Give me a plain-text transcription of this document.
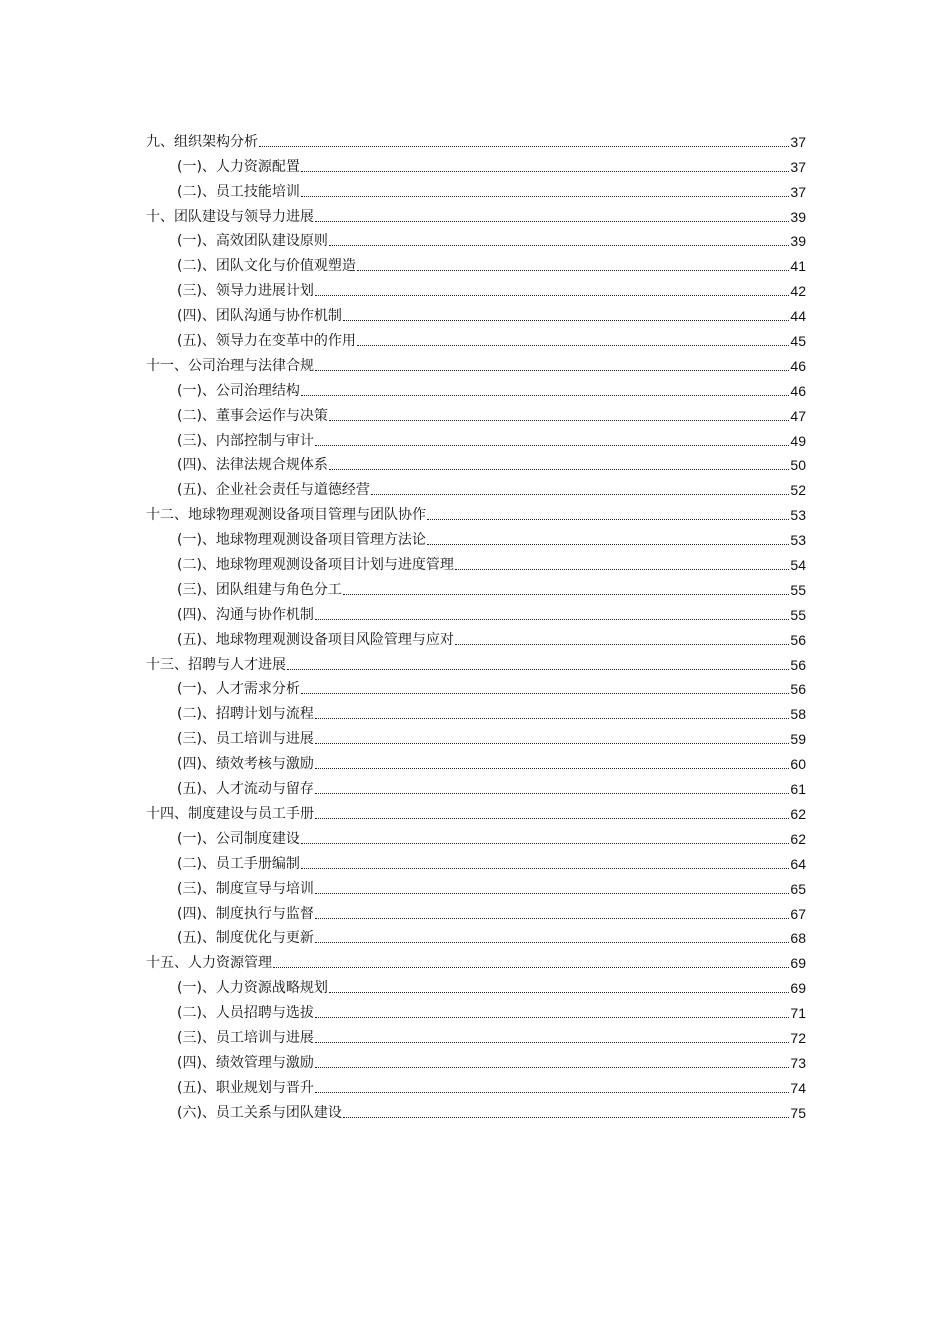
九、组织架构分析	37
(一)、人力资源配置	37
(二)、员工技能培训	37
十、团队建设与领导力进展	39
(一)、高效团队建设原则	39
(二)、团队文化与价值观塑造	41
(三)、领导力进展计划	42
(四)、团队沟通与协作机制	44
(五)、领导力在变革中的作用	45
十一、公司治理与法律合规	46
(一)、公司治理结构	46
(二)、董事会运作与决策	47
(三)、内部控制与审计	49
(四)、法律法规合规体系	50
(五)、企业社会责任与道德经营	52
十二、地球物理观测设备项目管理与团队协作	53
(一)、地球物理观测设备项目管理方法论	53
(二)、地球物理观测设备项目计划与进度管理	54
(三)、团队组建与角色分工	55
(四)、沟通与协作机制	55
(五)、地球物理观测设备项目风险管理与应对	56
十三、招聘与人才进展	56
(一)、人才需求分析	56
(二)、招聘计划与流程	58
(三)、员工培训与进展	59
(四)、绩效考核与激励	60
(五)、人才流动与留存	61
十四、制度建设与员工手册	62
(一)、公司制度建设	62
(二)、员工手册编制	64
(三)、制度宣导与培训	65
(四)、制度执行与监督	67
(五)、制度优化与更新	68
十五、人力资源管理	69
(一)、人力资源战略规划	69
(二)、人员招聘与选拔	71
(三)、员工培训与进展	72
(四)、绩效管理与激励	73
(五)、职业规划与晋升	74
(六)、员工关系与团队建设	75
